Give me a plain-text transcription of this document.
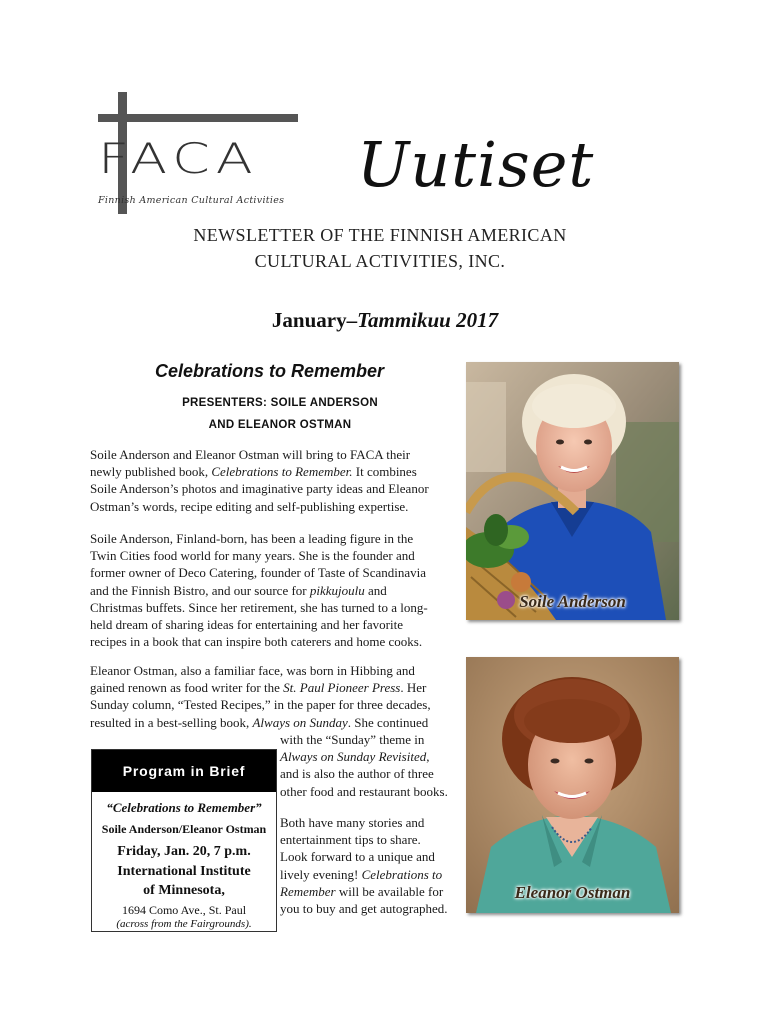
FACA
Finnish American Cultural Activities Uutiset
NEWSLETTER OF THE FINNISH AMERICAN
CULTURAL ACTIVITIES, INC.
January–Tammikuu 2017
Celebrations to Remember
PRESENTERS: SOILE ANDERSON
AND ELEANOR OSTMAN
Soile Anderson and Eleanor Ostman will bring to FACA their
newly published book, Celebrations to Remember. It combines
Soile Anderson’s photos and imaginative party ideas and Eleanor
Ostman’s words, recipe editing and self-publishing expertise.
Soile Anderson, Finland-born, has been a leading figure in the
Twin Cities food world for many years. She is the founder and
former owner of Deco Catering, founder of Taste of Scandinavia
and the Finnish Bistro, and our source for pikkujoulu and
Christmas buffets. Since her retirement, she has turned to a long-
held dream of sharing ideas for entertaining and her favorite
recipes in a book that can inspire both caterers and home cooks.
Eleanor Ostman, also a familiar face, was born in Hibbing and
gained renown as food writer for the St. Paul Pioneer Press. Her
Sunday column, “Tested Recipes,” in the paper for three decades,
resulted in a best-selling book, Always on Sunday. She continued
with the “Sunday” theme in
Always on Sunday Revisited,
and is also the author of three
other food and restaurant books.
Both have many stories and
entertainment tips to share.
Look forward to a unique and
lively evening! Celebrations to
Remember will be available for
you to buy and get autographed.
Program in Brief
“Celebrations to Remember”
Soile Anderson/Eleanor Ostman
Friday, Jan. 20, 7 p.m.
International Institute
of Minnesota,
1694 Como Ave., St. Paul
(across from the Fairgrounds).
Soile Anderson
Eleanor Ostman
